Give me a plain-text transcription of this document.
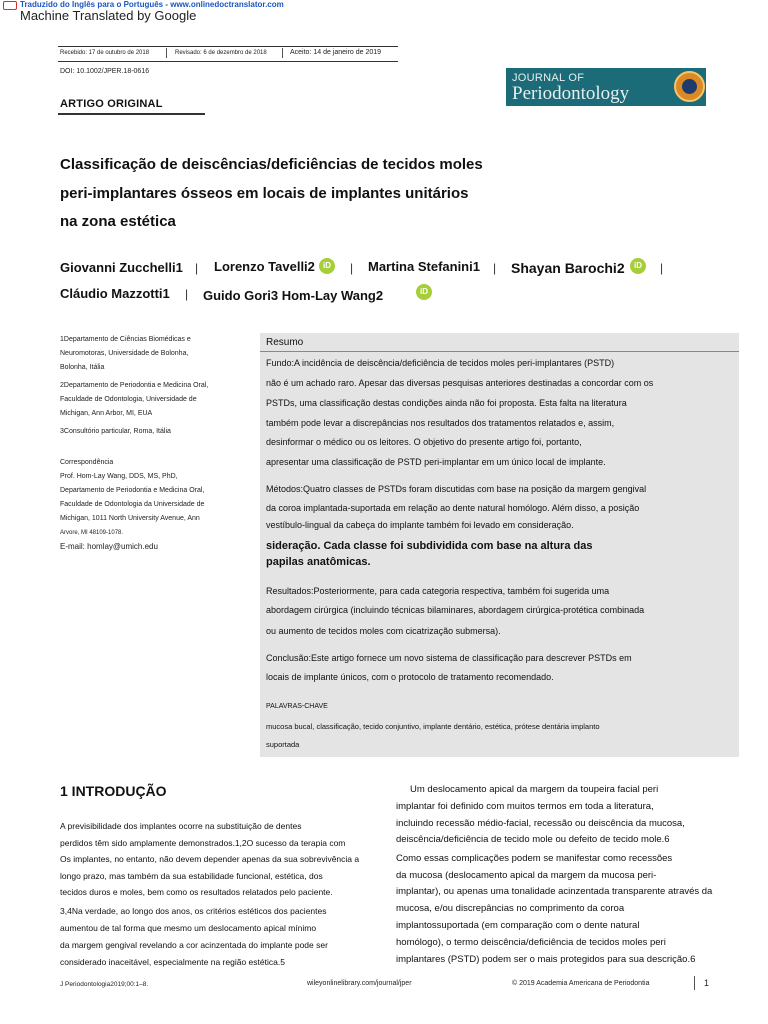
Traduzido do Inglês para o Português - www.onlinedoctranslator.com
Machine Translated by Google
Recebido: 17 de outubro de 2018	Revisado: 6 de dezembro de 2018	Aceito: 14 de janeiro de 2019
DOI: 10.1002/JPER.18-0616
JOURNAL OF
Periodontology
ARTIGO ORIGINAL
Classificação de deiscências/deficiências de tecidos moles
peri-implantares ósseos em locais de implantes unitários
na zona estética
Giovanni Zucchelli1 | Lorenzo Tavelli2	iD	| Martina Stefanini1 | Shayan Barochi2	iD	|
Cláudio Mazzotti1 | Guido Gori3 Hom-Lay Wang2	iD
1Departamento de Ciências Biomédicas e
Neuromotoras, Universidade de Bolonha,
Bolonha, Itália
2Departamento de Periodontia e Medicina Oral,
Faculdade de Odontologia, Universidade de
Michigan, Ann Arbor, MI, EUA
3Consultório particular, Roma, Itália
Correspondência
Prof. Hom-Lay Wang, DDS, MS, PhD,
Departamento de Periodontia e Medicina Oral,
Faculdade de Odontologia da Universidade de
Michigan, 1011 North University Avenue, Ann
Arvore, MI 48109-1078.
E-mail: homlay@umich.edu
Resumo
Fundo:A incidência de deiscência/deficiência de tecidos moles peri-implantares (PSTD)
não é um achado raro. Apesar das diversas pesquisas anteriores destinadas a concordar com os
PSTDs, uma classificação destas condições ainda não foi proposta. Esta falta na literatura
também pode levar a discrepâncias nos resultados dos tratamentos relatados e, assim,
desinformar o médico ou os leitores. O objetivo do presente artigo foi, portanto,
apresentar uma classificação de PSTD peri-implantar em um único local de implante.
Métodos:Quatro classes de PSTDs foram discutidas com base na posição da margem gengival
da coroa implantada-suportada em relação ao dente natural homólogo. Além disso, a posição
vestíbulo-lingual da cabeça do implante também foi levado em consideração.
sideração. Cada classe foi subdividida com base na altura das
papilas anatômicas.
Resultados:Posteriormente, para cada categoria respectiva, também foi sugerida uma
abordagem cirúrgica (incluindo técnicas bilaminares, abordagem cirúrgica-protética combinada
ou aumento de tecidos moles com cicatrização submersa).
Conclusão:Este artigo fornece um novo sistema de classificação para descrever PSTDs em
locais de implante únicos, com o protocolo de tratamento recomendado.
PALAVRAS-CHAVE
mucosa bucal, classificação, tecido conjuntivo, implante dentário, estética, prótese dentária implanto
suportada
1 INTRODUÇÃO
A previsibilidade dos implantes ocorre na substituição de dentes
perdidos têm sido amplamente demonstrados.1,2O sucesso da terapia com
Os implantes, no entanto, não devem depender apenas da sua sobrevivência a
longo prazo, mas também da sua estabilidade funcional, estética, dos
tecidos duros e moles, bem como os resultados relatados pelo paciente.
3,4Na verdade, ao longo dos anos, os critérios estéticos dos pacientes
aumentou de tal forma que mesmo um deslocamento apical mínimo
da margem gengival revelando a cor acinzentada do implante pode ser
considerado inaceitável, especialmente na região estética.5
Um deslocamento apical da margem da toupeira facial peri
implantar foi definido com muitos termos em toda a literatura,
incluindo recessão médio-facial, recessão ou deiscência da mucosa,
deiscência/deficiência de tecido mole ou defeito de tecido mole.6
Como essas complicações podem se manifestar como recessões
da mucosa (deslocamento apical da margem da mucosa peri-
implantar), ou apenas uma tonalidade acinzentada transparente através da
mucosa, e/ou discrepâncias no comprimento da coroa
implantossuportada (em comparação com o dente natural
homólogo), o termo deiscência/deficiência de tecidos moles peri
implantares (PSTD) podem ser o mais protegidos para sua descrição.6
J Periodontologia2019;00:1–8.	wileyonlinelibrary.com/journal/jper	© 2019 Academia Americana de Periodontia	1
